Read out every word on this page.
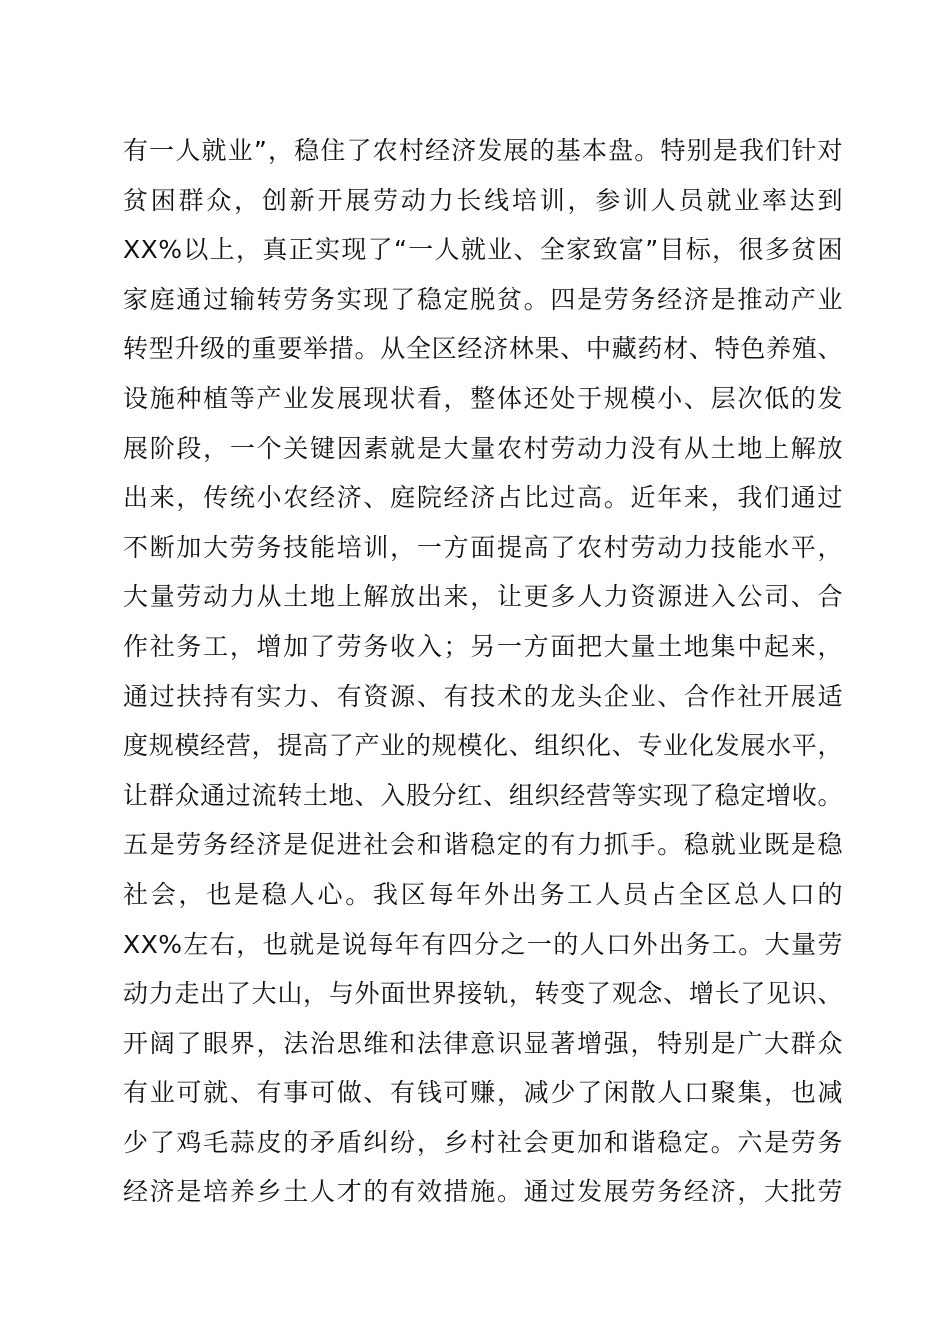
有一人就业”，稳住了农村经济发展的基本盘。特别是我们针对
贫困群众，创新开展劳动力长线培训，参训人员就业率达到
XX%以上，真正实现了“一人就业、全家致富”目标，很多贫困
家庭通过输转劳务实现了稳定脱贫。四是劳务经济是推动产业
转型升级的重要举措。从全区经济林果、中藏药材、特色养殖、
设施种植等产业发展现状看，整体还处于规模小、层次低的发
展阶段，一个关键因素就是大量农村劳动力没有从土地上解放
出来，传统小农经济、庭院经济占比过高。近年来，我们通过
不断加大劳务技能培训，一方面提高了农村劳动力技能水平，
大量劳动力从土地上解放出来，让更多人力资源进入公司、合
作社务工，增加了劳务收入；另一方面把大量土地集中起来，
通过扶持有实力、有资源、有技术的龙头企业、合作社开展适
度规模经营，提高了产业的规模化、组织化、专业化发展水平，
让群众通过流转土地、入股分红、组织经营等实现了稳定增收。
五是劳务经济是促进社会和谐稳定的有力抓手。稳就业既是稳
社会，也是稳人心。我区每年外出务工人员占全区总人口的
XX%左右，也就是说每年有四分之一的人口外出务工。大量劳
动力走出了大山，与外面世界接轨，转变了观念、增长了见识、
开阔了眼界，法治思维和法律意识显著增强，特别是广大群众
有业可就、有事可做、有钱可赚，减少了闲散人口聚集，也减
少了鸡毛蒜皮的矛盾纠纷，乡村社会更加和谐稳定。六是劳务
经济是培养乡土人才的有效措施。通过发展劳务经济，大批劳
